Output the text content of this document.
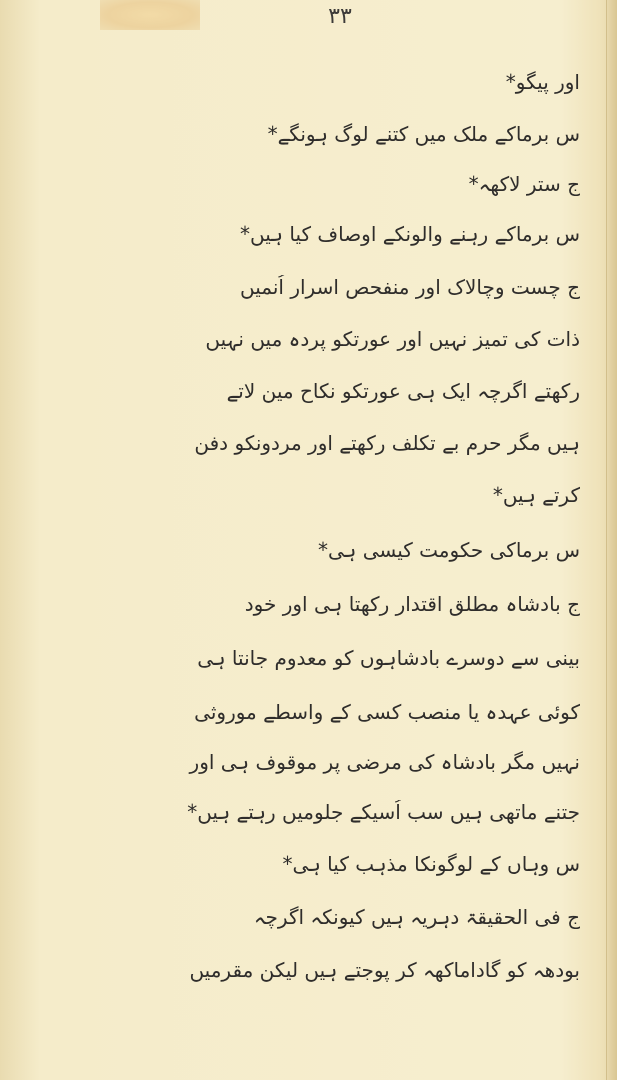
۳۳
اور پیگو*
س برماکے ملک میں کتنے لوگ ہونگے*
ج ستر لاکھہ*
س برماکے رہنے والونکے اوصاف کیا ہیں*
ج چست وچالاک اور منفحص اسرار اُنمیں
ذات کی تمیز نہیں اور عورتکو پردہ میں نہیں
رکھتے اگرچہ ایک ہی عورتکو نکاح مین لاتے
ہیں مگر حرم بے تکلف رکھتے اور مردونکو دفن
کرتے ہیں*
س برماکی حکومت کیسی ہی*
ج بادشاہ مطلق اقتدار رکھتا ہی اور خود
بینی سے دوسرے بادشاہوں کو معدوم جانتا ہی
کوئی عہدہ یا منصب کسی کے واسطے موروثی
نہیں مگر بادشاہ کی مرضی پر موقوف ہی اور
جتنے ماتھی ہیں سب اُسیکے جلومیں رہتے ہیں*
س وہاں کے لوگونکا مذہب کیا ہی*
ج فی الحقیقۃ دہریہ ہیں کیونکہ اگرچہ
بودھہ کو گاداماکھہ کر پوجتے ہیں لیکن مقرمیں
